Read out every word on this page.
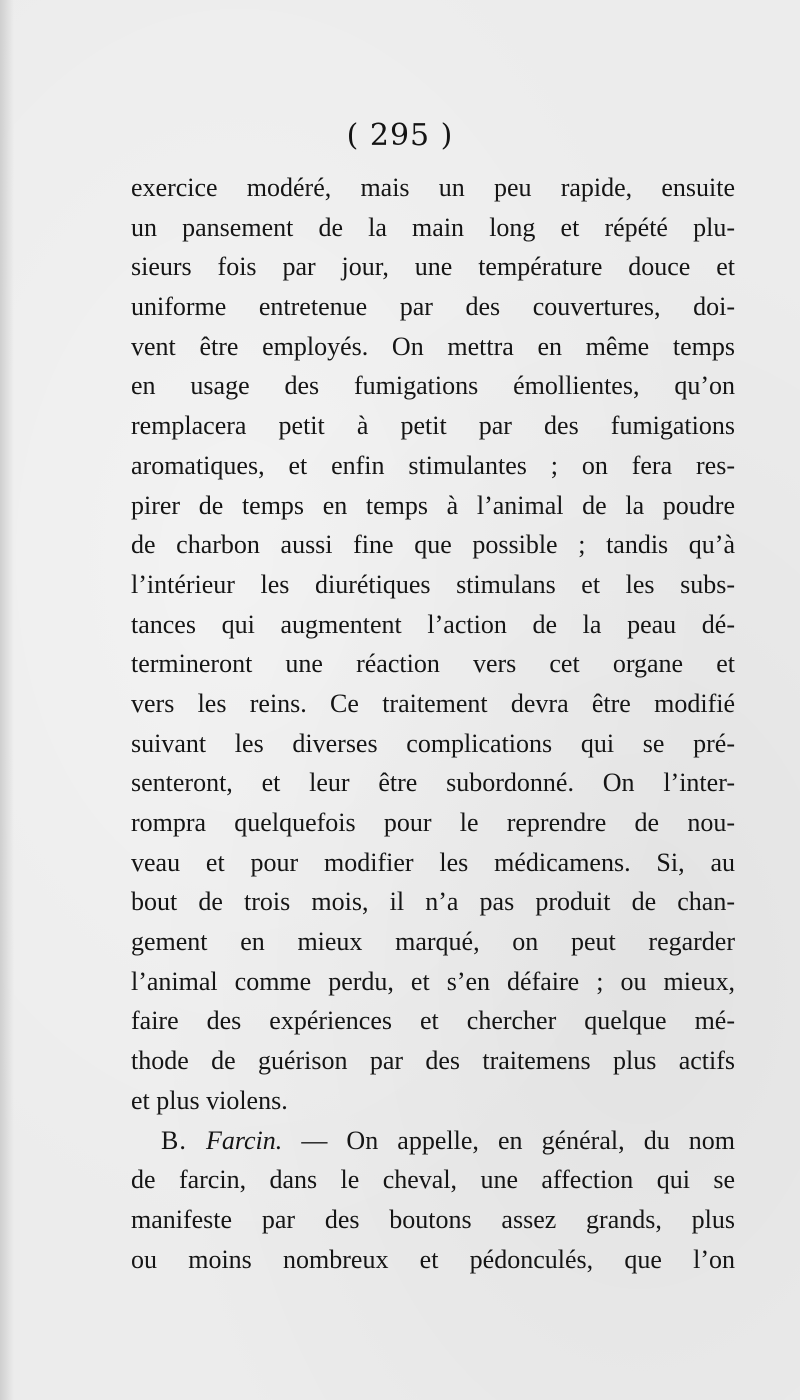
( 295 )
exercice modéré, mais un peu rapide, ensuite
un pansement de la main long et répété plu-
sieurs fois par jour, une température douce et
uniforme entretenue par des couvertures, doi-
vent être employés. On mettra en même temps
en usage des fumigations émollientes, qu’on
remplacera petit à petit par des fumigations
aromatiques, et enfin stimulantes ; on fera res-
pirer de temps en temps à l’animal de la poudre
de charbon aussi fine que possible ; tandis qu’à
l’intérieur les diurétiques stimulans et les subs-
tances qui augmentent l’action de la peau dé-
termineront une réaction vers cet organe et
vers les reins. Ce traitement devra être modifié
suivant les diverses complications qui se pré-
senteront, et leur être subordonné. On l’inter-
rompra quelquefois pour le reprendre de nou-
veau et pour modifier les médicamens. Si, au
bout de trois mois, il n’a pas produit de chan-
gement en mieux marqué, on peut regarder
l’animal comme perdu, et s’en défaire ; ou mieux,
faire des expériences et chercher quelque mé-
thode de guérison par des traitemens plus actifs
et plus violens.
B. Farcin. — On appelle, en général, du nom
de farcin, dans le cheval, une affection qui se
manifeste par des boutons assez grands, plus
ou moins nombreux et pédonculés, que l’on
